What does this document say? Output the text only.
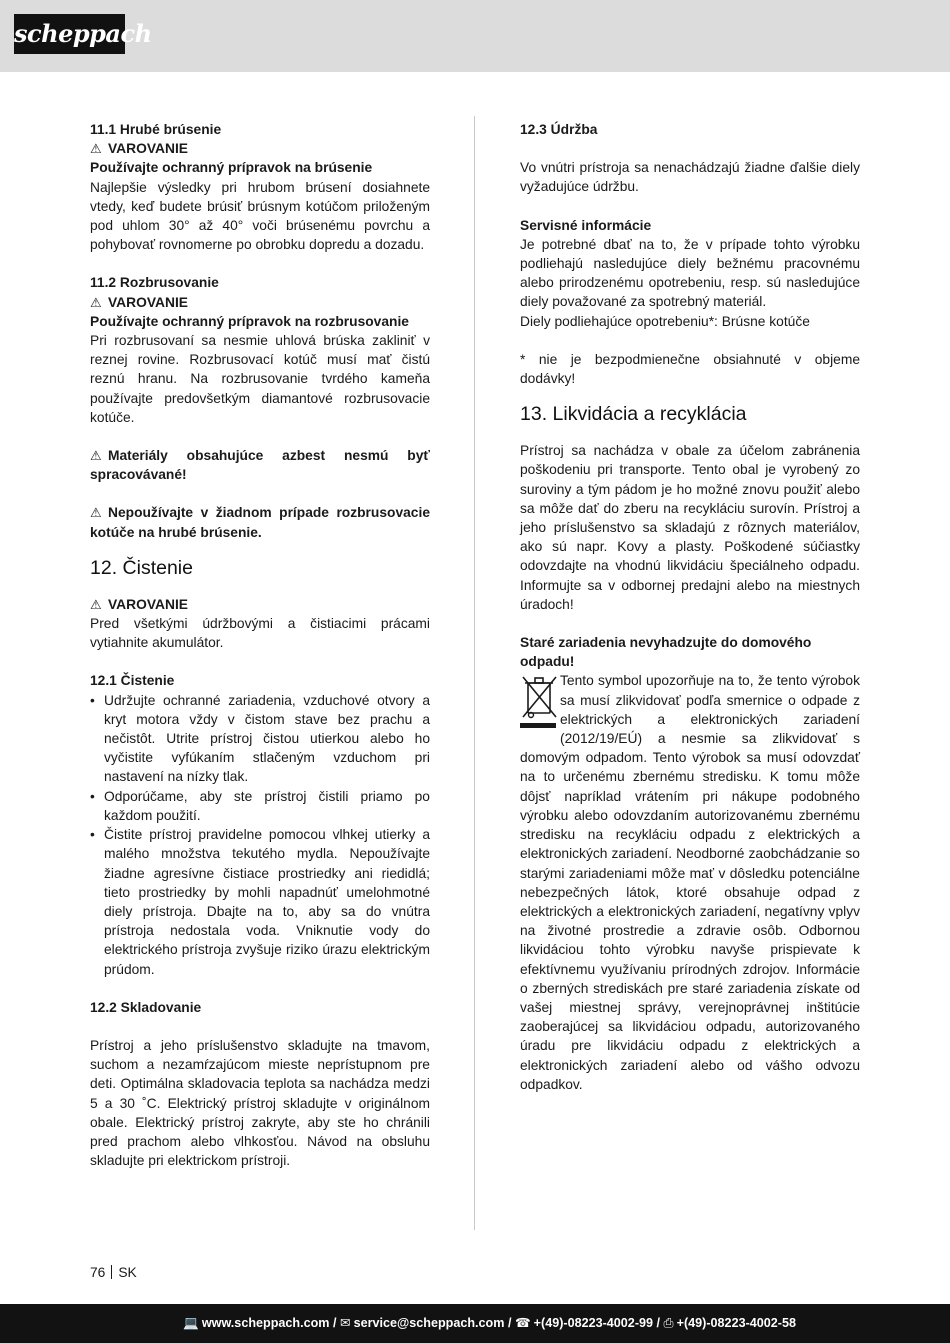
scheppach

11.1 Hrubé brúsenie

⚠ VAROVANIE

Používajte ochranný prípravok na brúsenie

Najlepšie výsledky pri hrubom brúsení dosiahnete vtedy, keď budete brúsiť brúsnym kotúčom priloženým pod uhlom 30° až 40° voči brúsenému povrchu a pohybovať rovnomerne po obrobku dopredu a dozadu.

11.2 Rozbrusovanie

⚠ VAROVANIE

Používajte ochranný prípravok na rozbrusovanie

Pri rozbrusovaní sa nesmie uhlová brúska zakliniť v reznej rovine. Rozbrusovací kotúč musí mať čistú reznú hranu. Na rozbrusovanie tvrdého kameňa používajte predovšetkým diamantové rozbrusovacie kotúče.

⚠ Materiály obsahujúce azbest nesmú byť spracovávané!

⚠ Nepoužívajte v žiadnom prípade rozbrusovacie kotúče na hrubé brúsenie.

12. Čistenie

⚠ VAROVANIE

Pred všetkými údržbovými a čistiacimi prácami vytiahnite akumulátor.

12.1 Čistenie

• Udržujte ochranné zariadenia, vzduchové otvory a kryt motora vždy v čistom stave bez prachu a nečistôt. Utrite prístroj čistou utierkou alebo ho vyčistite vyfúkaním stlačeným vzduchom pri nastavení na nízky tlak.
• Odporúčame, aby ste prístroj čistili priamo po každom použití.
• Čistite prístroj pravidelne pomocou vlhkej utierky a malého množstva tekutého mydla. Nepoužívajte žiadne agresívne čistiace prostriedky ani riedidlá; tieto prostriedky by mohli napadnúť umelohmotné diely prístroja. Dbajte na to, aby sa do vnútra prístroja nedostala voda. Vniknutie vody do elektrického prístroja zvyšuje riziko úrazu elektrickým prúdom.

12.2 Skladovanie

Prístroj a jeho príslušenstvo skladujte na tmavom, suchom a nezamŕzajúcom mieste neprístupnom pre deti. Optimálna skladovacia teplota sa nachádza medzi 5 a 30 ˚C. Elektrický prístroj skladujte v originálnom obale. Elektrický prístroj zakryte, aby ste ho chránili pred prachom alebo vlhkosťou. Návod na obsluhu skladujte pri elektrickom prístroji.

12.3 Údržba

Vo vnútri prístroja sa nenachádzajú žiadne ďalšie diely vyžadujúce údržbu.

Servisné informácie

Je potrebné dbať na to, že v prípade tohto výrobku podliehajú nasledujúce diely bežnému pracovnému alebo prirodzenému opotrebeniu, resp. sú nasledujúce diely považované za spotrebný materiál.

Diely podliehajúce opotrebeniu*: Brúsne kotúče

* nie je bezpodmienečne obsiahnuté v objeme dodávky!

13. Likvidácia a recyklácia

Prístroj sa nachádza v obale za účelom zabránenia poškodeniu pri transporte. Tento obal je vyrobený zo suroviny a tým pádom je ho možné znovu použiť alebo sa môže dať do zberu na recykláciu surovín. Prístroj a jeho príslušenstvo sa skladajú z rôznych materiálov, ako sú napr. Kovy a plasty. Poškodené súčiastky odovzdajte na vhodnú likvidáciu špeciálneho odpadu. Informujte sa v odbornej predajni alebo na miestnych úradoch!

Staré zariadenia nevyhadzujte do domového odpadu!

Tento symbol upozorňuje na to, že tento výrobok sa musí zlikvidovať podľa smernice o odpade z elektrických a elektronických zariadení (2012/19/EÚ) a nesmie sa zlikvidovať s domovým odpadom. Tento výrobok sa musí odovzdať na to určenému zbernému stredisku. K tomu môže dôjsť napríklad vrátením pri nákupe podobného výrobku alebo odovzdaním autorizovanému zbernému stredisku na recykláciu odpadu z elektrických a elektronických zariadení. Neodborné zaobchádzanie so starými zariadeniami môže mať v dôsledku potenciálne nebezpečných látok, ktoré obsahuje odpad z elektrických a elektronických zariadení, negatívny vplyv na životné prostredie a zdravie osôb. Odbornou likvidáciou tohto výrobku navyše prispievate k efektívnemu využívaniu prírodných zdrojov. Informácie o zberných strediskách pre staré zariadenia získate od vašej miestnej správy, verejnoprávnej inštitúcie zaoberajúcej sa likvidáciou odpadu, autorizovaného úradu pre likvidáciu odpadu z elektrických a elektronických zariadení alebo od vášho odvozu odpadkov.

76 SK
💻 www.scheppach.com / ✉ service@scheppach.com / ☎ +(49)-08223-4002-99 / ⎙ +(49)-08223-4002-58
